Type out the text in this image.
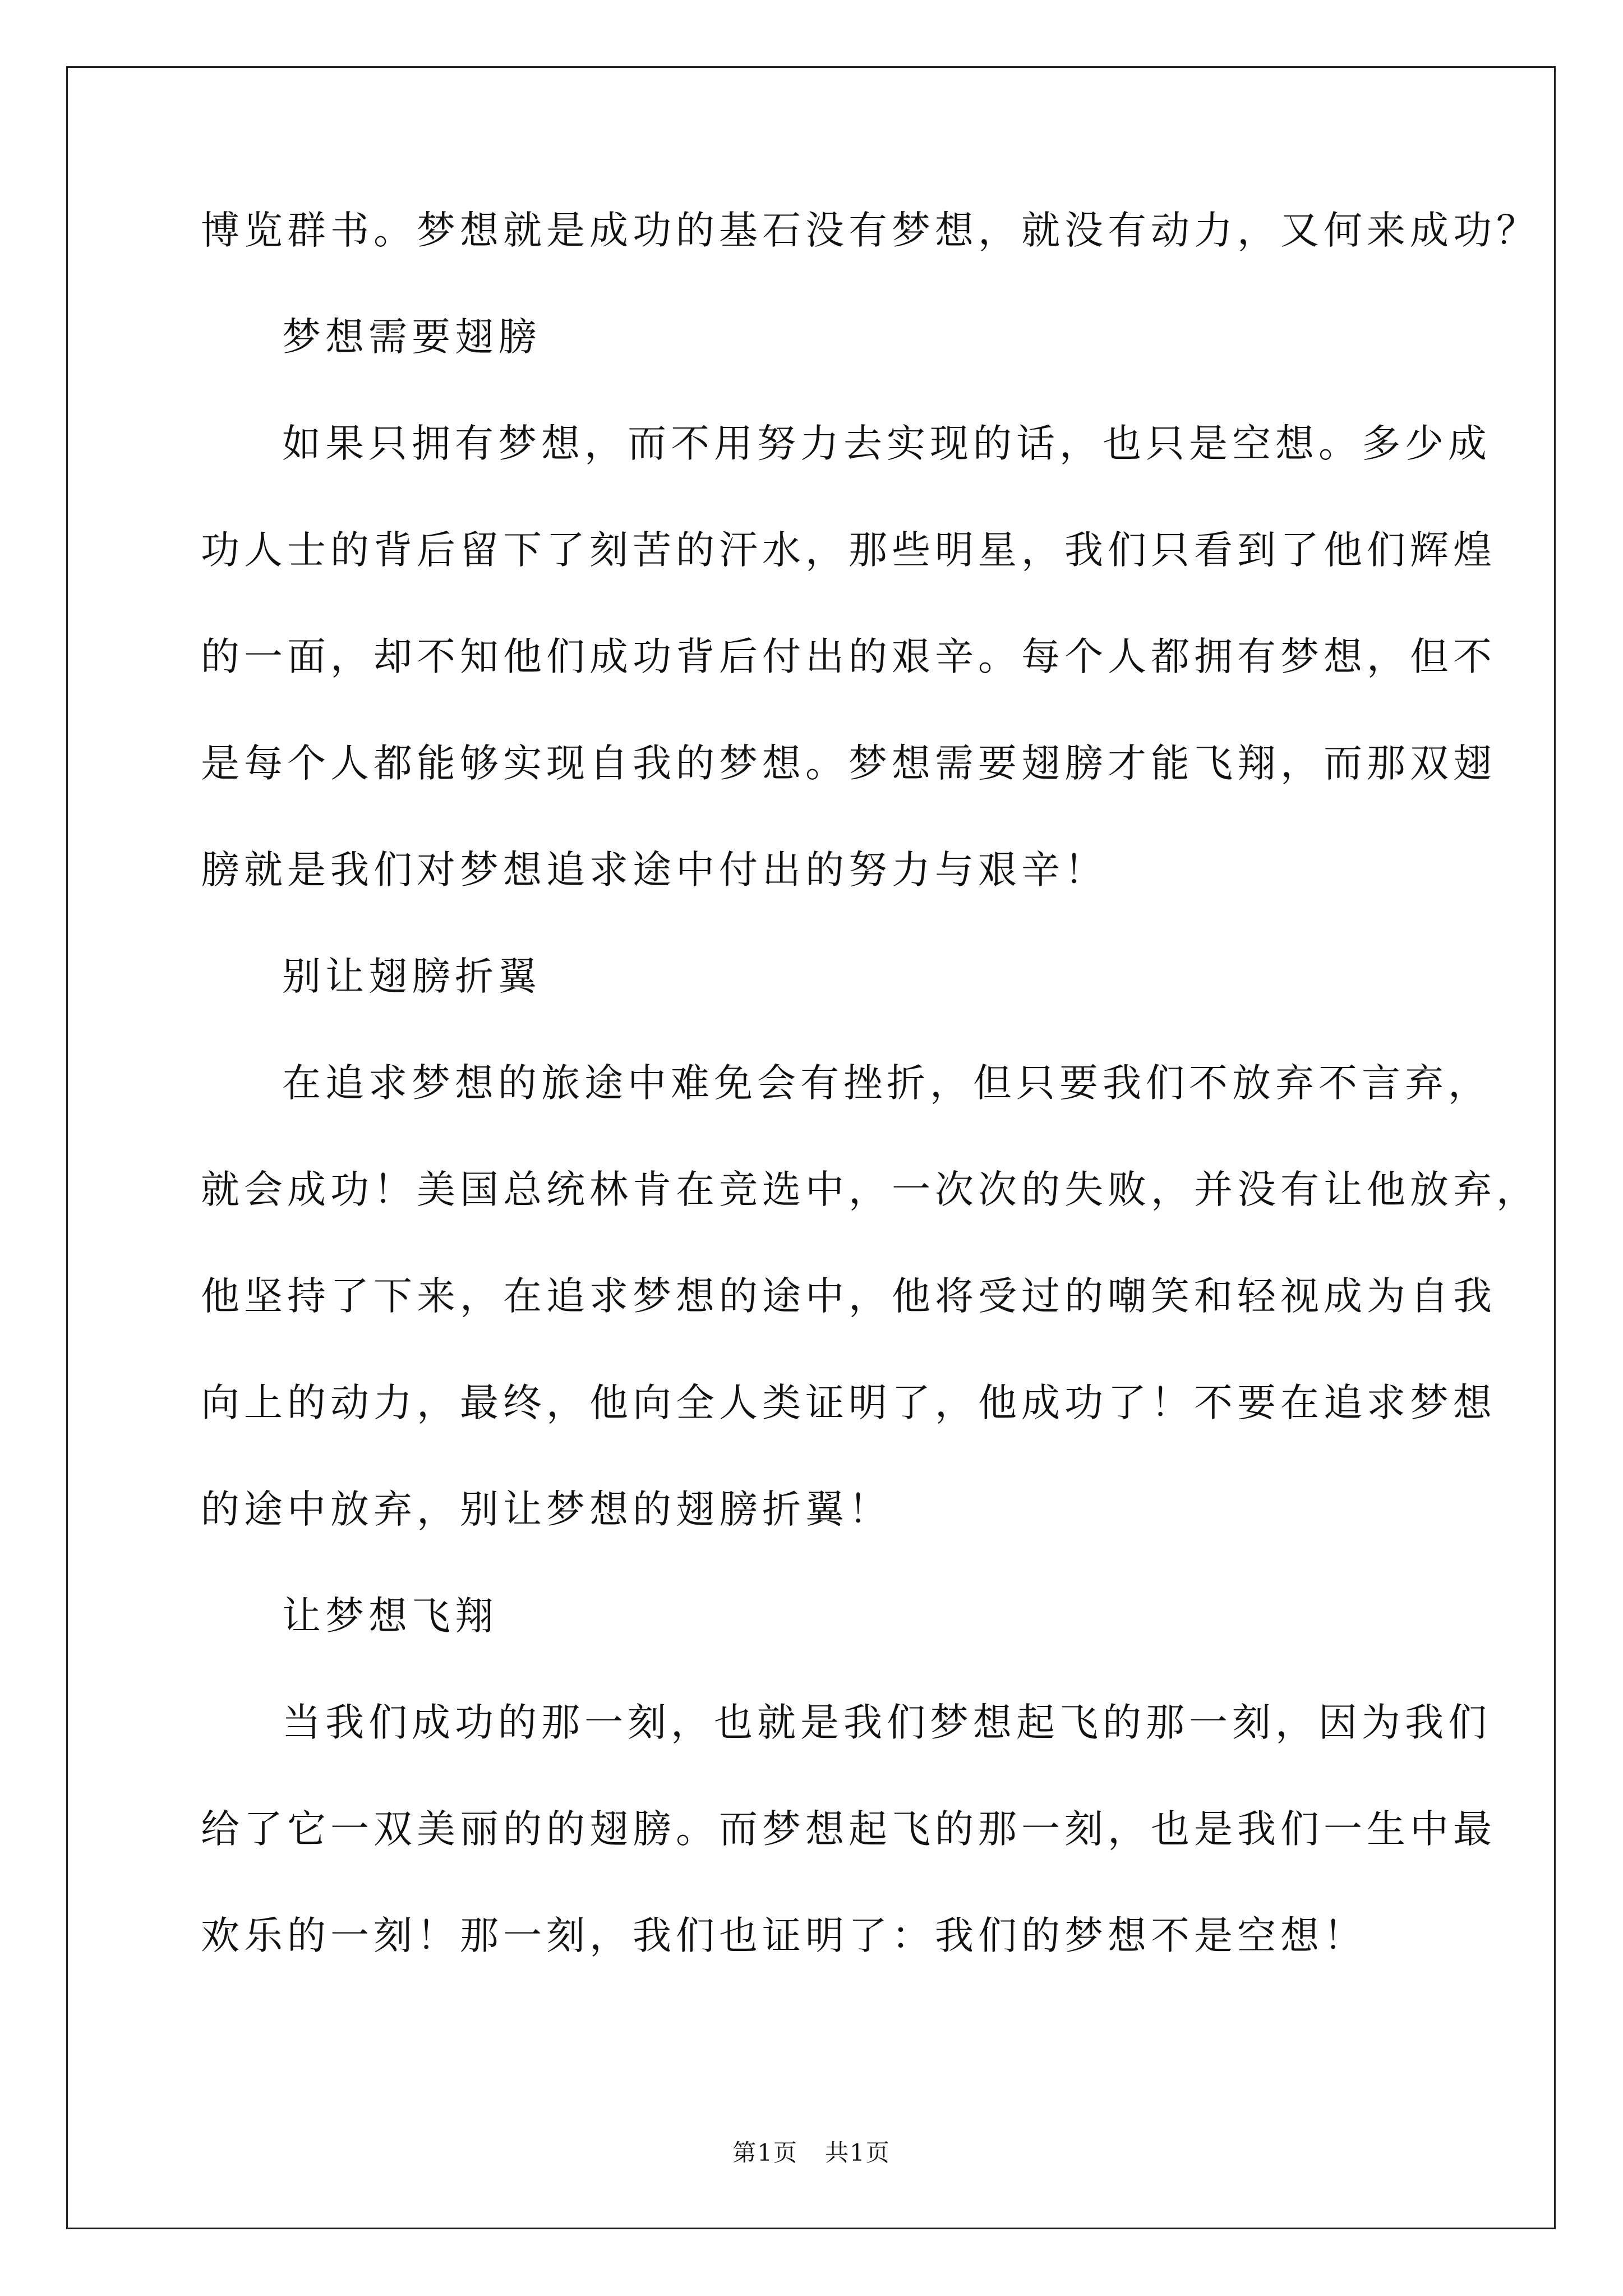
博览群书。梦想就是成功的基石没有梦想，就没有动力，又何来成功？
梦想需要翅膀
如果只拥有梦想，而不用努力去实现的话，也只是空想。多少成
功人士的背后留下了刻苦的汗水，那些明星，我们只看到了他们辉煌
的一面，却不知他们成功背后付出的艰辛。每个人都拥有梦想，但不
是每个人都能够实现自我的梦想。梦想需要翅膀才能飞翔，而那双翅
膀就是我们对梦想追求途中付出的努力与艰辛！
别让翅膀折翼
在追求梦想的旅途中难免会有挫折，但只要我们不放弃不言弃，
就会成功！美国总统林肯在竞选中，一次次的失败，并没有让他放弃，
他坚持了下来，在追求梦想的途中，他将受过的嘲笑和轻视成为自我
向上的动力，最终，他向全人类证明了，他成功了！不要在追求梦想
的途中放弃，别让梦想的翅膀折翼！
让梦想飞翔
当我们成功的那一刻，也就是我们梦想起飞的那一刻，因为我们
给了它一双美丽的的翅膀。而梦想起飞的那一刻，也是我们一生中最
欢乐的一刻！那一刻，我们也证明了：我们的梦想不是空想！
第1页 共1页
